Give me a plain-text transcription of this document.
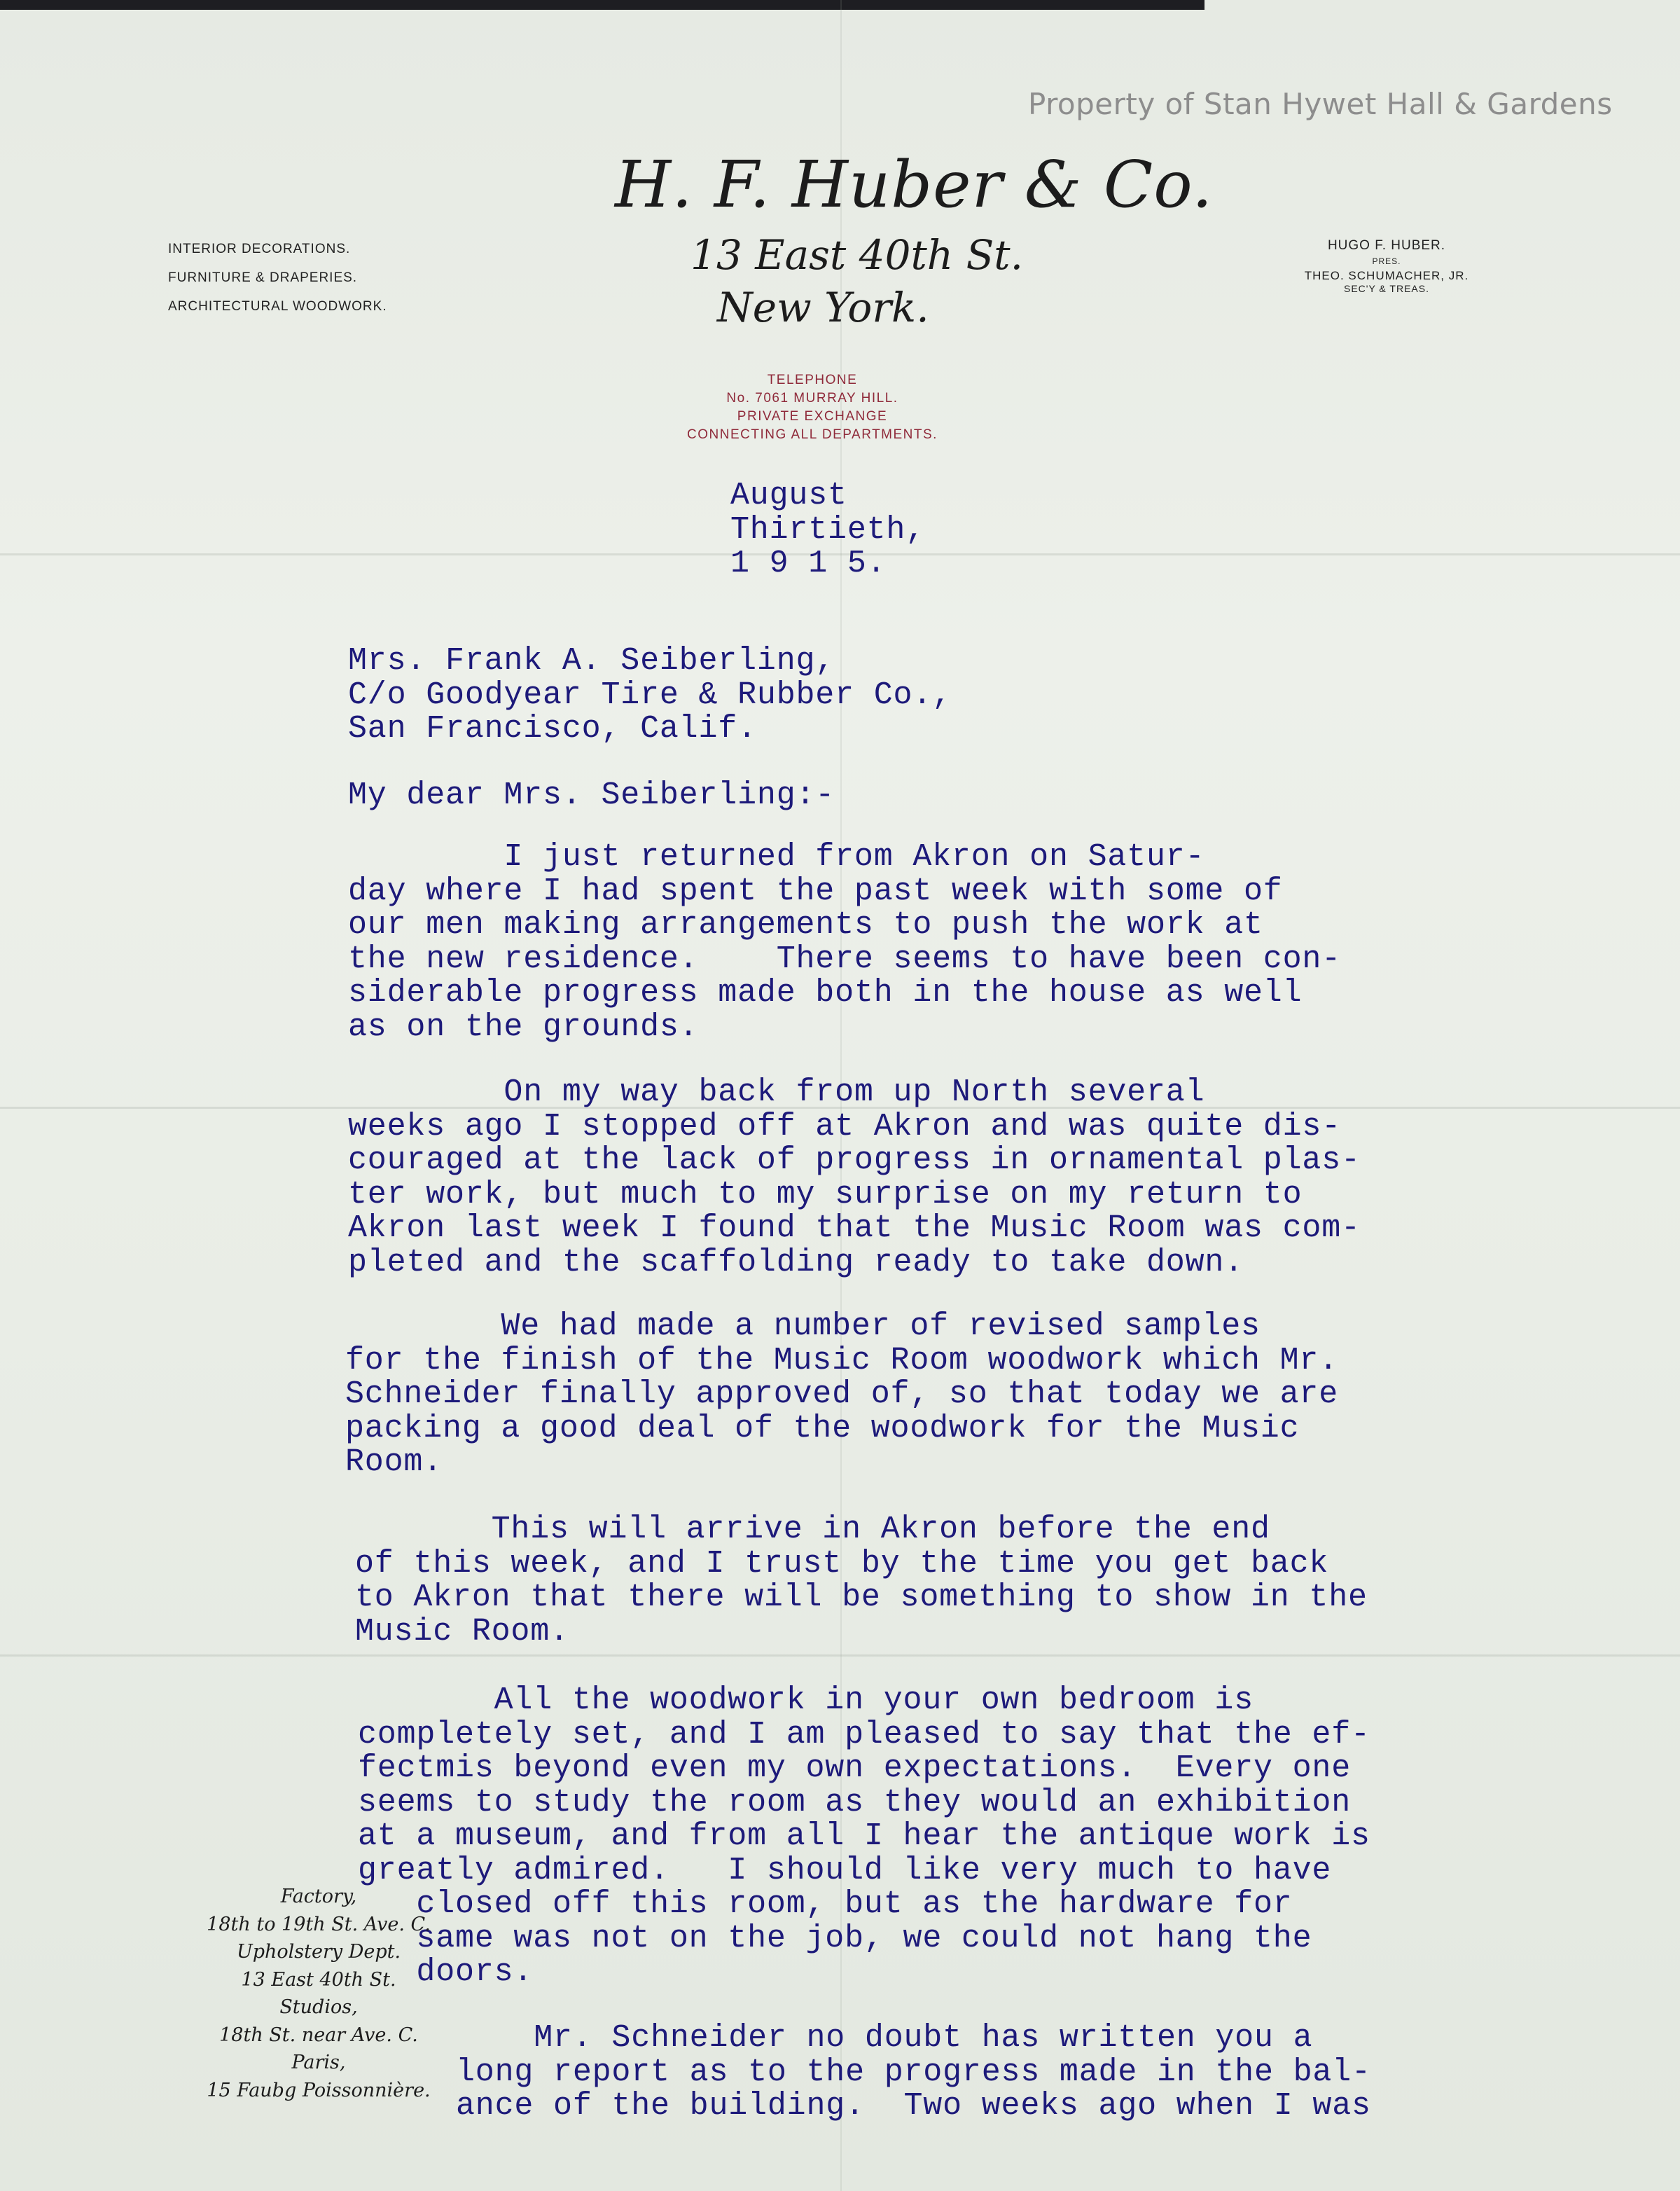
Property of Stan Hywet Hall & Gardens
H. F. Huber & Co.
13 East 40th St.
New York.
INTERIOR DECORATIONS.
FURNITURE & DRAPERIES.
ARCHITECTURAL WOODWORK.
HUGO F. HUBER.
PRES.
THEO. SCHUMACHER, JR.
SEC'Y & TREAS.
TELEPHONE
No. 7061 MURRAY HILL.
PRIVATE EXCHANGE
CONNECTING ALL DEPARTMENTS.
August
Thirtieth,
1 9 1 5.
Mrs. Frank A. Seiberling,
C/o Goodyear Tire & Rubber Co.,
San Francisco, Calif.
My dear Mrs. Seiberling:-
I just returned from Akron on Satur-
day where I had spent the past week with some of
our men making arrangements to push the work at
the new residence.    There seems to have been con-
siderable progress made both in the house as well
as on the grounds.
On my way back from up North several
weeks ago I stopped off at Akron and was quite dis-
couraged at the lack of progress in ornamental plas-
ter work, but much to my surprise on my return to
Akron last week I found that the Music Room was com-
pleted and the scaffolding ready to take down.
We had made a number of revised samples
for the finish of the Music Room woodwork which Mr.
Schneider finally approved of, so that today we are
packing a good deal of the woodwork for the Music
Room.
This will arrive in Akron before the end
of this week, and I trust by the time you get back
to Akron that there will be something to show in the
Music Room.
All the woodwork in your own bedroom is
completely set, and I am pleased to say that the ef-
fectmis beyond even my own expectations.  Every one
seems to study the room as they would an exhibition
at a museum, and from all I hear the antique work is
greatly admired.   I should like very much to have
closed off this room, but as the hardware for
same was not on the job, we could not hang the
doors.
Mr. Schneider no doubt has written you a
long report as to the progress made in the bal-
ance of the building.  Two weeks ago when I was
Factory,
18th to 19th St. Ave. C.
Upholstery Dept.
13 East 40th St.
Studios,
18th St. near Ave. C.
Paris,
15 Faubg Poissonnière.
